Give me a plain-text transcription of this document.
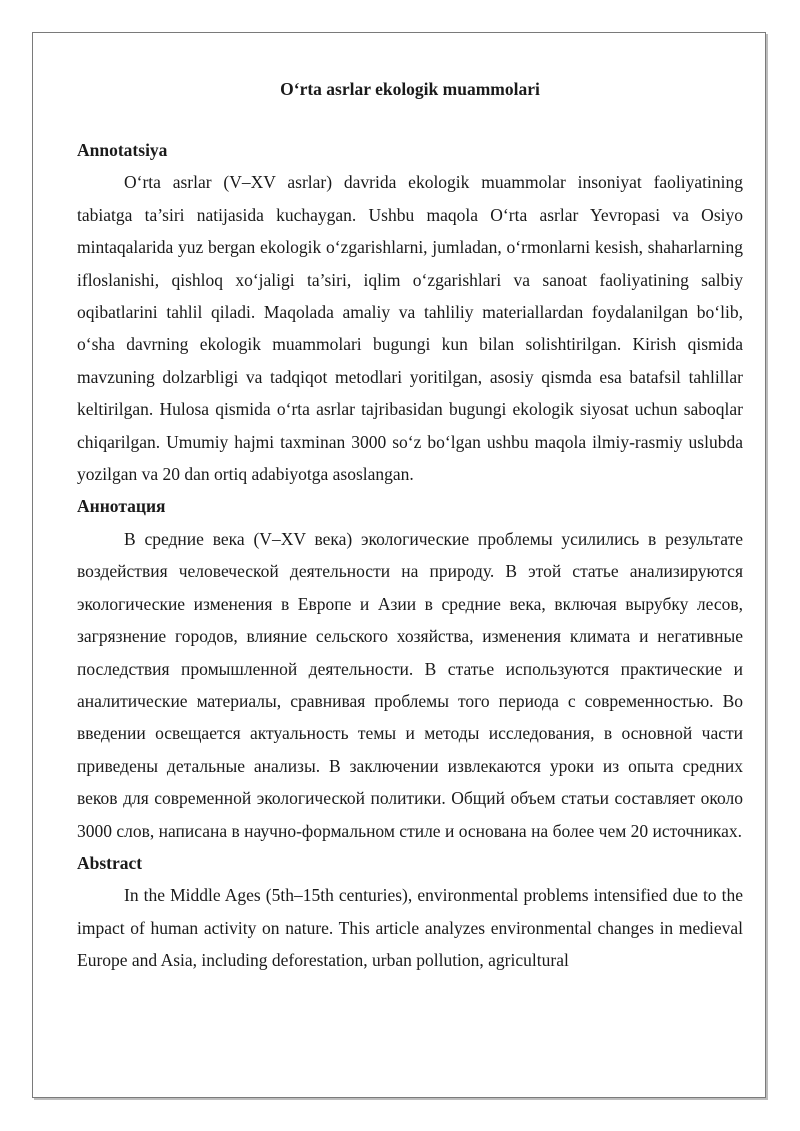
O‘rta asrlar ekologik muammolari
Annotatsiya

O‘rta asrlar (V–XV asrlar) davrida ekologik muammolar insoniyat faoliyatining tabiatga ta’siri natijasida kuchaygan. Ushbu maqola O‘rta asrlar Yevropasi va Osiyo mintaqalarida yuz bergan ekologik o‘zgarishlarni, jumladan, o‘rmonlarni kesish, shaharlarning ifloslanishi, qishloq xo‘jaligi ta’siri, iqlim o‘zgarishlari va sanoat faoliyatining salbiy oqibatlarini tahlil qiladi. Maqolada amaliy va tahliliy materiallardan foydalanilgan bo‘lib, o‘sha davrning ekologik muammolari bugungi kun bilan solishtirilgan. Kirish qismida mavzuning dolzarbligi va tadqiqot metodlari yoritilgan, asosiy qismda esa batafsil tahlillar keltirilgan. Hulosa qismida o‘rta asrlar tajribasidan bugungi ekologik siyosat uchun saboqlar chiqarilgan. Umumiy hajmi taxminan 3000 so‘z bo‘lgan ushbu maqola ilmiy-rasmiy uslubda yozilgan va 20 dan ortiq adabiyotga asoslangan.

Аннотация

В средние века (V–XV века) экологические проблемы усилились в результате воздействия человеческой деятельности на природу. В этой статье анализируются экологические изменения в Европе и Азии в средние века, включая вырубку лесов, загрязнение городов, влияние сельского хозяйства, изменения климата и негативные последствия промышленной деятельности. В статье используются практические и аналитические материалы, сравнивая проблемы того периода с современностью. Во введении освещается актуальность темы и методы исследования, в основной части приведены детальные анализы. В заключении извлекаются уроки из опыта средних веков для современной экологической политики. Общий объем статьи составляет около 3000 слов, написана в научно-формальном стиле и основана на более чем 20 источниках.

Abstract

In the Middle Ages (5th–15th centuries), environmental problems intensified due to the impact of human activity on nature. This article analyzes environmental changes in medieval Europe and Asia, including deforestation, urban pollution, agricultural
